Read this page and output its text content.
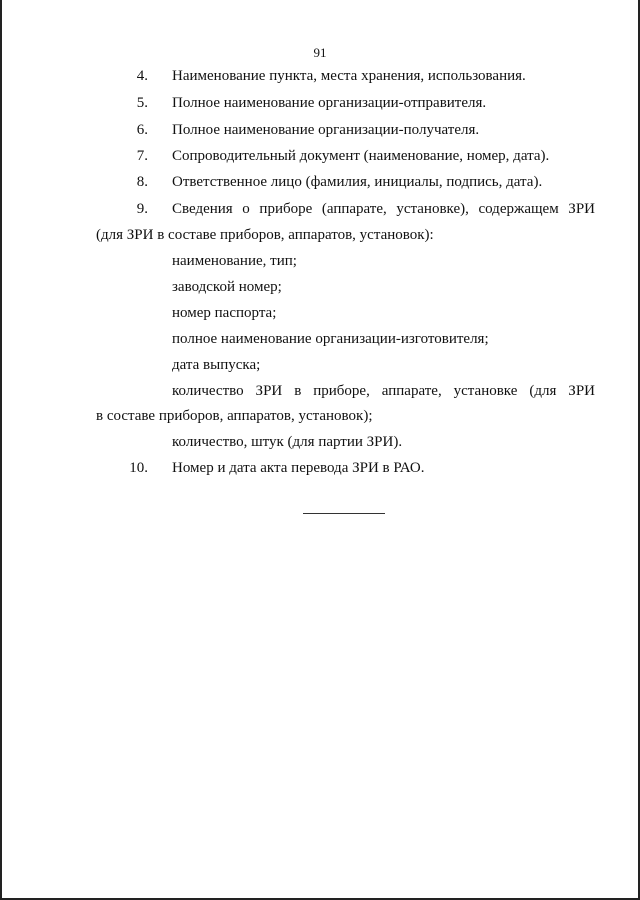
91
4. Наименование пункта, места хранения, использования.
5. Полное наименование организации-отправителя.
6. Полное наименование организации-получателя.
7. Сопроводительный документ (наименование, номер, дата).
8. Ответственное лицо (фамилия, инициалы, подпись, дата).
9. Сведения о приборе (аппарате, установке), содержащем ЗРИ
(для ЗРИ в составе приборов, аппаратов, установок):
наименование, тип;
заводской номер;
номер паспорта;
полное наименование организации-изготовителя;
дата выпуска;
количество ЗРИ в приборе, аппарате, установке (для ЗРИ
в составе приборов, аппаратов, установок);
количество, штук (для партии ЗРИ).
10. Номер и дата акта перевода ЗРИ в РАО.
